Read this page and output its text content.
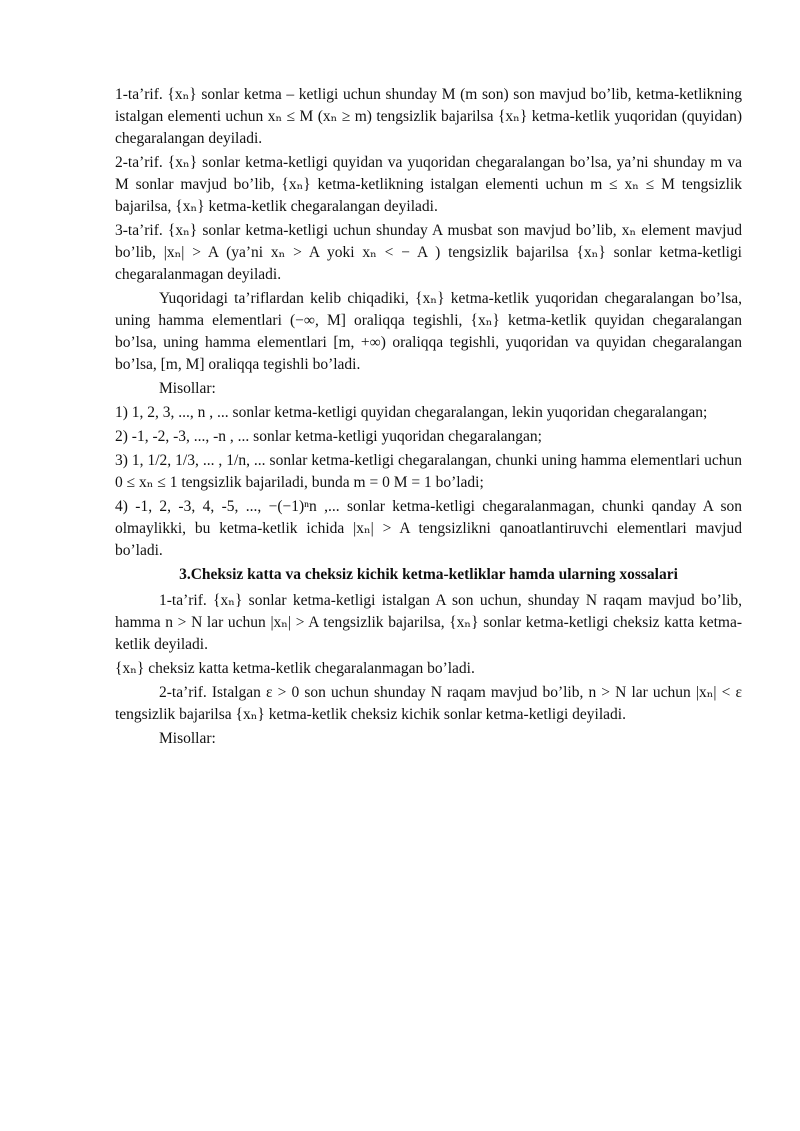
1-ta’rif. {xₙ} sonlar ketma – ketligi uchun shunday M (m son) son mavjud bo’lib, ketma-ketlikning istalgan elementi uchun xₙ ≤ M (xₙ ≥ m) tengsizlik bajarilsa {xₙ} ketma-ketlik yuqoridan (quyidan) chegaralangan deyiladi.

2-ta’rif. {xₙ} sonlar ketma-ketligi quyidan va yuqoridan chegaralangan bo’lsa, ya’ni shunday m va M sonlar mavjud bo’lib, {xₙ} ketma-ketlikning istalgan elementi uchun m ≤ xₙ ≤ M tengsizlik bajarilsa, {xₙ} ketma-ketlik chegaralangan deyiladi.

3-ta’rif. {xₙ} sonlar ketma-ketligi uchun shunday A musbat son mavjud bo’lib, xₙ element mavjud bo’lib, |xₙ| > A (ya’ni xₙ > A yoki xₙ < − A ) tengsizlik bajarilsa {xₙ} sonlar ketma-ketligi chegaralanmagan deyiladi.

Yuqoridagi ta’riflardan kelib chiqadiki, {xₙ} ketma-ketlik yuqoridan chegaralangan bo’lsa, uning hamma elementlari (−∞, M] oraliqqa tegishli, {xₙ} ketma-ketlik quyidan chegaralangan bo’lsa, uning hamma elementlari [m, +∞) oraliqqa tegishli, yuqoridan va quyidan chegaralangan bo’lsa, [m, M] oraliqqa tegishli bo’ladi.

Misollar:

1) 1, 2, 3, ..., n , ... sonlar ketma-ketligi quyidan chegaralangan, lekin yuqoridan chegaralangan;

2) -1, -2, -3, ..., -n , ... sonlar ketma-ketligi yuqoridan chegaralangan;

3) 1, 1/2, 1/3, ... , 1/n, ... sonlar ketma-ketligi chegaralangan, chunki uning hamma elementlari uchun 0 ≤ xₙ ≤ 1 tengsizlik bajariladi, bunda m = 0 M = 1 bo’ladi;

4) -1, 2, -3, 4, -5, ..., −(−1)ⁿn ,... sonlar ketma-ketligi chegaralanmagan, chunki qanday A son olmaylikki, bu ketma-ketlik ichida |xₙ| > A tengsizlikni qanoatlantiruvchi elementlari mavjud bo’ladi.

3.Cheksiz katta va cheksiz kichik ketma-ketliklar hamda ularning xossalari

1-ta’rif. {xₙ} sonlar ketma-ketligi istalgan A son uchun, shunday N raqam mavjud bo’lib, hamma n > N lar uchun |xₙ| > A tengsizlik bajarilsa, {xₙ} sonlar ketma-ketligi cheksiz katta ketma-ketlik deyiladi.

{xₙ} cheksiz katta ketma-ketlik chegaralanmagan bo’ladi.

2-ta’rif. Istalgan ε > 0 son uchun shunday N raqam mavjud bo’lib, n > N lar uchun |xₙ| < ε tengsizlik bajarilsa {xₙ} ketma-ketlik cheksiz kichik sonlar ketma-ketligi deyiladi.

Misollar:
